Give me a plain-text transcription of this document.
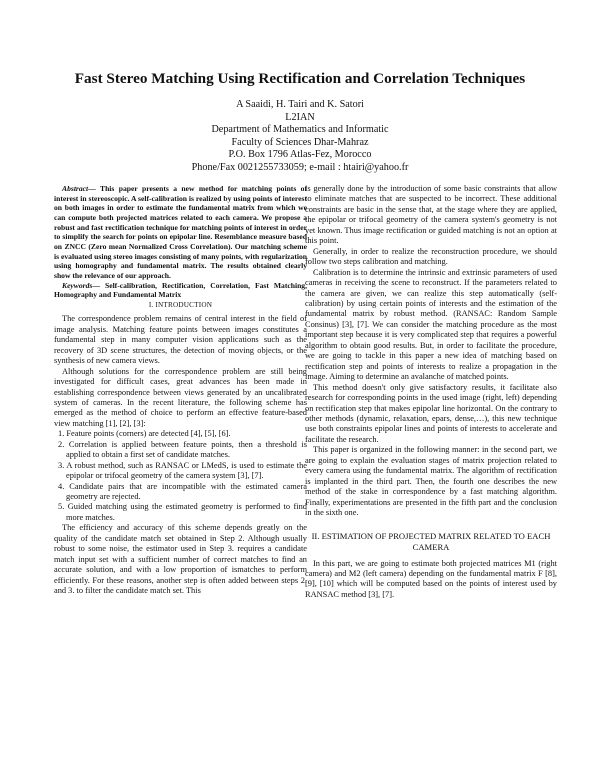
Fast Stereo Matching Using Rectification and Correlation Techniques
A Saaidi, H. Tairi and K. Satori
L2IAN
Department of Mathematics and Informatic
Faculty of Sciences Dhar-Mahraz
P.O. Box 1796 Atlas-Fez, Morocco
Phone/Fax 0021255733059; e-mail : htairi@yahoo.fr

Abstract— This paper presents a new method for matching points of interest in stereoscopic. A self-calibration is realized by using points of interest on both images in order to estimate the fundamental matrix from which we can compute both projected matrices related to each camera. We propose a robust and fast rectification technique for matching points of interest in order to simplify the search for points on epipolar line. Resemblance measure based on ZNCC (Zero mean Normalized Cross Correlation). Our matching scheme is evaluated using stereo images consisting of many points, with regularization using homography and fundamental matrix. The results obtained clearly show the relevance of our approach.

Keywords— Self-calibration, Rectification, Correlation, Fast Matching, Homography and Fundamental Matrix

I. INTRODUCTION

The correspondence problem remains of central interest in the field of image analysis. Matching feature points between images constitutes a fundamental step in many computer vision applications such as the recovery of 3D scene structures, the detection of moving objects, or the synthesis of new camera views.

Although solutions for the correspondence problem are still being investigated for difficult cases, great advances has been made in establishing correspondence between views generated by an uncalibrated system of cameras. In the recent literature, the following scheme has emerged as the method of choice to perform an effective feature-based view matching [1], [2], [3]:

1. Feature points (corners) are detected [4], [5], [6].
2. Correlation is applied between feature points, then a threshold is applied to obtain a first set of candidate matches.
3. A robust method, such as RANSAC or LMedS, is used to estimate the epipolar or trifocal geometry of the camera system [3], [7].
4. Candidate pairs that are incompatible with the estimated camera geometry are rejected.
5. Guided matching using the estimated geometry is performed to find more matches.

The efficiency and accuracy of this scheme depends greatly on the quality of the candidate match set obtained in Step 2. Although usually robust to some noise, the estimator used in Step 3. requires a candidate match input set with a sufficient number of correct matches to find an accurate solution, and with a low proportion of ismatches to perform efficiently. For these reasons, another step is often added between steps 2. and 3. to filter the candidate match set. This

is generally done by the introduction of some basic constraints that allow to eliminate matches that are suspected to be incorrect. These additional constraints are basic in the sense that, at the stage where they are applied, the epipolar or trifocal geometry of the camera system's geometry is not yet known. Thus image rectification or guided matching is not an option at this point.

Generally, in order to realize the reconstruction procedure, we should follow two steps calibration and matching.

Calibration is to determine the intrinsic and extrinsic parameters of used cameras in receiving the scene to reconstruct. If the parameters related to the camera are given, we can realize this step automatically (self-calibration) by using certain points of interests and the estimation of the fundamental matrix by robust method. (RANSAC: Random Sample Consinus) [3], [7]. We can consider the matching procedure as the most important step because it is very complicated step that requires a powerful algorithm to obtain good results. But, in order to facilitate the procedure, we are going to tackle in this paper a new idea of matching based on rectification step and points of interests to realize a propagation in the image. Aiming to determine an avalanche of matched points.

This method doesn't only give satisfactory results, it facilitate also research for corresponding points in the used image (right, left) depending on rectification step that makes epipolar line horizontal. On the contrary to other methods (dynamic, relaxation, epars, dense,…), this new technique use both constraints epipolar lines and points of interests to accelerate and facilitate the research.

This paper is organized in the following manner: in the second part, we are going to explain the evaluation stages of matrix projection related to every camera using the fundamental matrix. The algorithm of rectification is implanted in the third part. Then, the fourth one describes the new method of the stake in correspondence by a fast matching algorithm. Finally, experimentations are presented in the fifth part and the conclusion in the sixth one.

II. ESTIMATION OF PROJECTED MATRIX RELATED TO EACH CAMERA

In this part, we are going to estimate both projected matrices M1 (right camera) and M2 (left camera) depending on the fundamental matrix F [8], [9], [10] which will be computed based on the points of interest used by RANSAC method [3], [7].
